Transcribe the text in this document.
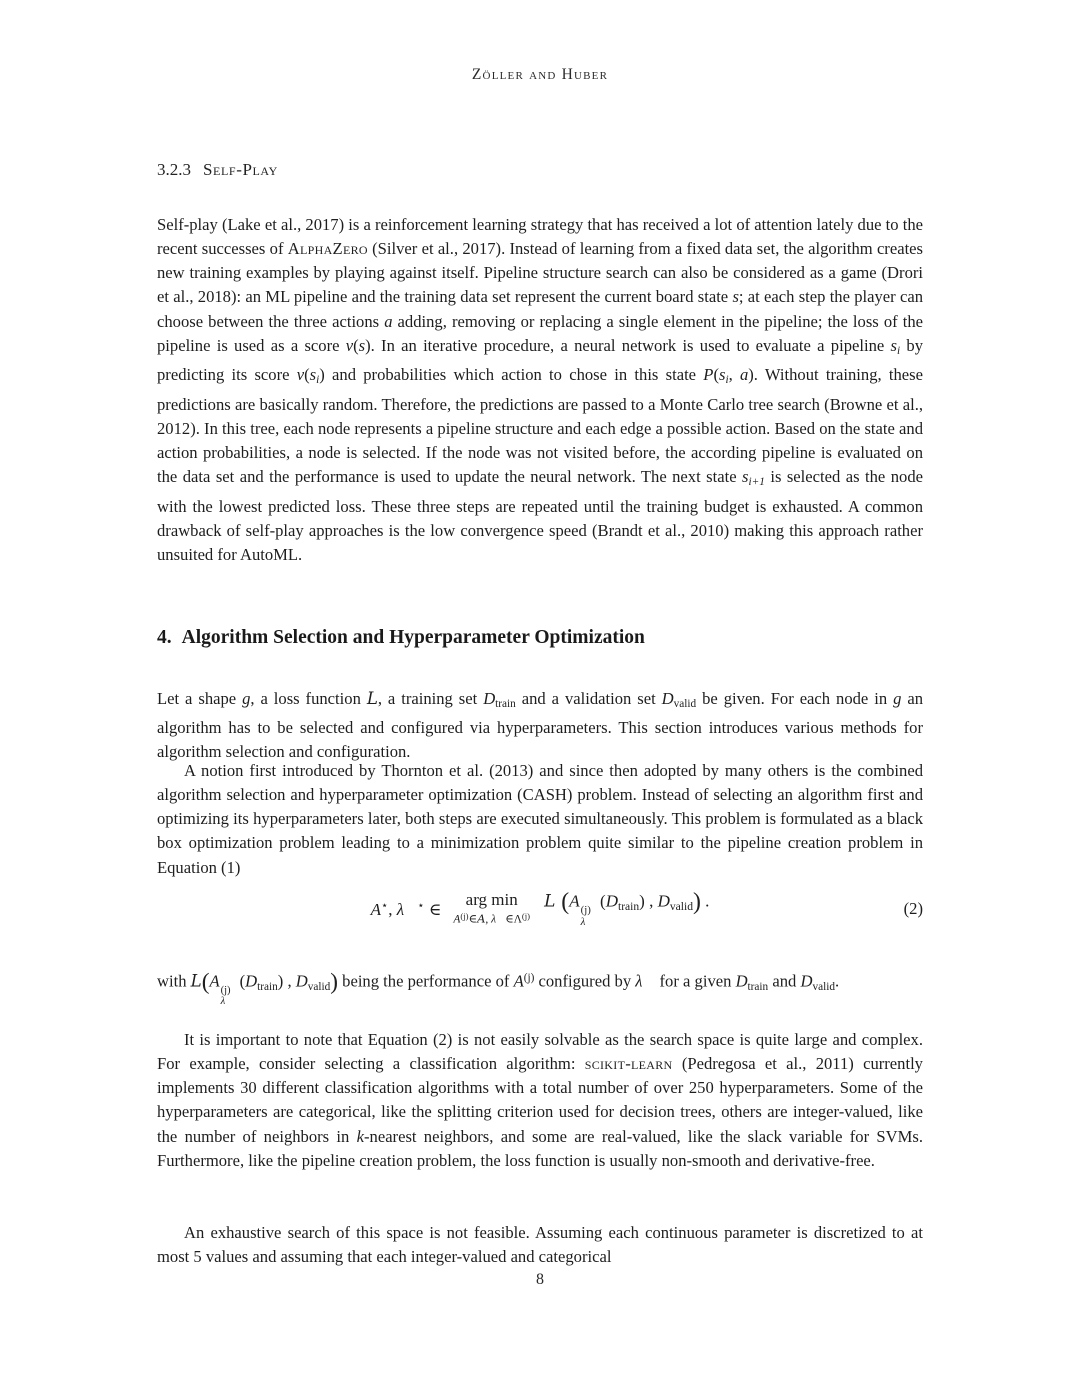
Zöller and Huber
3.2.3 Self-Play

Self-play (Lake et al., 2017) is a reinforcement learning strategy that has received a lot of attention lately due to the recent successes of AlphaZero (Silver et al., 2017). Instead of learning from a fixed data set, the algorithm creates new training examples by playing against itself. Pipeline structure search can also be considered as a game (Drori et al., 2018): an ML pipeline and the training data set represent the current board state s; at each step the player can choose between the three actions a adding, removing or replacing a single element in the pipeline; the loss of the pipeline is used as a score ν(s). In an iterative procedure, a neural network is used to evaluate a pipeline si by predicting its score ν(si) and probabilities which action to chose in this state P(si, a). Without training, these predictions are basically random. Therefore, the predictions are passed to a Monte Carlo tree search (Browne et al., 2012). In this tree, each node represents a pipeline structure and each edge a possible action. Based on the state and action probabilities, a node is selected. If the node was not visited before, the according pipeline is evaluated on the data set and the performance is used to update the neural network. The next state si+1 is selected as the node with the lowest predicted loss. These three steps are repeated until the training budget is exhausted. A common drawback of self-play approaches is the low convergence speed (Brandt et al., 2010) making this approach rather unsuited for AutoML.

4. Algorithm Selection and Hyperparameter Optimization

Let a shape g, a loss function L, a training set Dtrain and a validation set Dvalid be given. For each node in g an algorithm has to be selected and configured via hyperparameters. This section introduces various methods for algorithm selection and configuration.

A notion first introduced by Thornton et al. (2013) and since then adopted by many others is the combined algorithm selection and hyperparameter optimization (CASH) problem. Instead of selecting an algorithm first and optimizing its hyperparameters later, both steps are executed simultaneously. This problem is formulated as a black box optimization problem leading to a minimization problem quite similar to the pipeline creation problem in Equation (1)

A⋆, λ⃗⋆ ∈
arg min
$A^{(j)}\in A$, $\lambda⃗\in\Lambda^{(j)}$
L (A (j)
λ⃗
(Dtrain) , Dvalid) .	(2)

with L(A
(j)
λ⃗
(Dtrain) , Dvalid) being the performance of $A^{(j)}$ configured by λ⃗ for a given Dtrain and Dvalid.

It is important to note that Equation (2) is not easily solvable as the search space is quite large and complex. For example, consider selecting a classification algorithm: scikit-learn (Pedregosa et al., 2011) currently implements 30 different classification algorithms with a total number of over 250 hyperparameters. Some of the hyperparameters are categorical, like the splitting criterion used for decision trees, others are integer-valued, like the number of neighbors in k-nearest neighbors, and some are real-valued, like the slack variable for SVMs. Furthermore, like the pipeline creation problem, the loss function is usually non-smooth and derivative-free.

An exhaustive search of this space is not feasible. Assuming each continuous parameter is discretized to at most 5 values and assuming that each integer-valued and categorical

8
